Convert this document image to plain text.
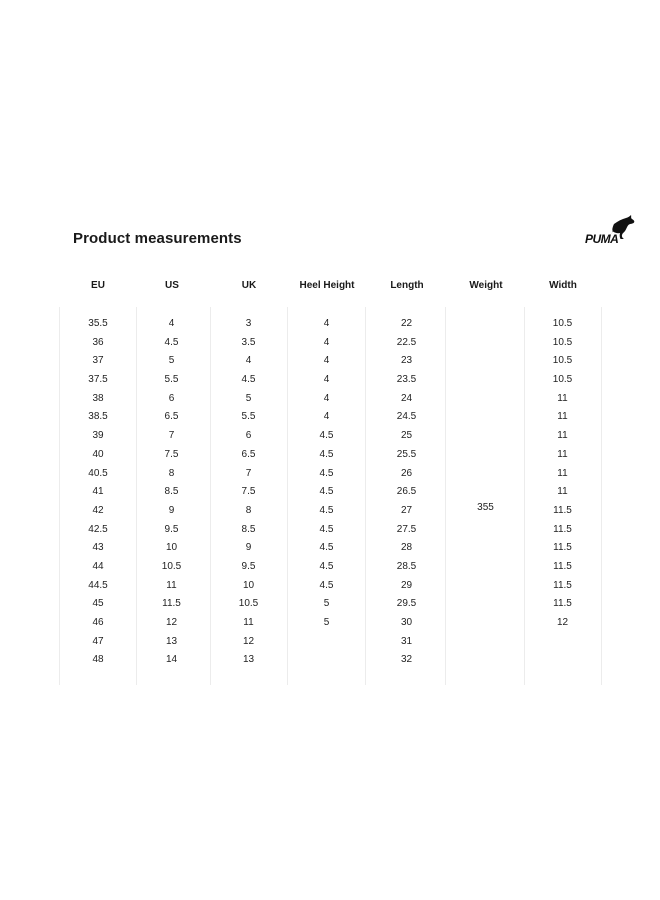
Product measurements	PUMA
EU
35.5
36
37
37.5
38
38.5
39
40
40.5
41
42
42.5
43
44
44.5
45
46
47
48
US
4
4.5
5
5.5
6
6.5
7
7.5
8
8.5
9
9.5
10
10.5
11
11.5
12
13
14
UK
3
3.5
4
4.5
5
5.5
6
6.5
7
7.5
8
8.5
9
9.5
10
10.5
11
12
13
Heel Height
4
4
4
4
4
4
4.5
4.5
4.5
4.5
4.5
4.5
4.5
4.5
4.5
5
5
Length
22
22.5
23
23.5
24
24.5
25
25.5
26
26.5
27
27.5
28
28.5
29
29.5
30
31
32
Weight
355
Width
10.5
10.5
10.5
10.5
11
11
11
11
11
11
11.5
11.5
11.5
11.5
11.5
11.5
12
